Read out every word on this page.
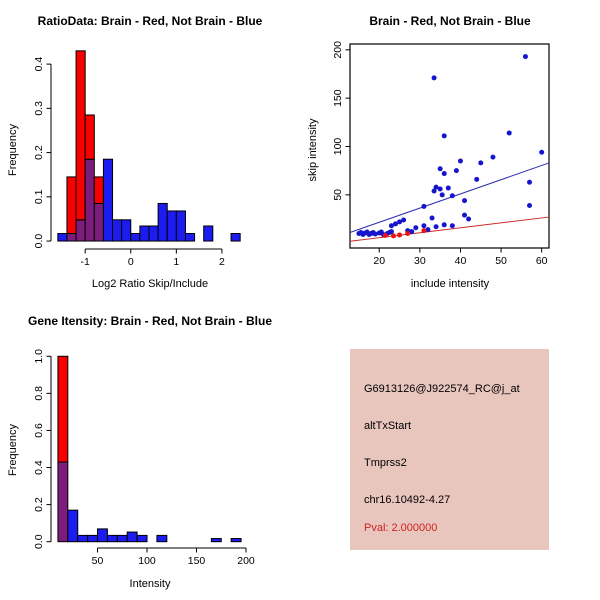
-1	0	1	2
0.0
0.1
0.2
0.3
0.4
RatioData: Brain - Red, Not Brain - Blue
Log2 Ratio Skip/Include
Frequency
20	30	40	50	60
50
100
150
200
Brain - Red, Not Brain - Blue
include intensity
skip intensity
50	100	150	200
0.0
0.2
0.4
0.6
0.8
1.0
Gene Itensity: Brain - Red, Not Brain - Blue
Intensity
Frequency
G6913126@J922574_RC@j_at
altTxStart
Tmprss2
chr16.10492-4.27
Pval: 2.000000
